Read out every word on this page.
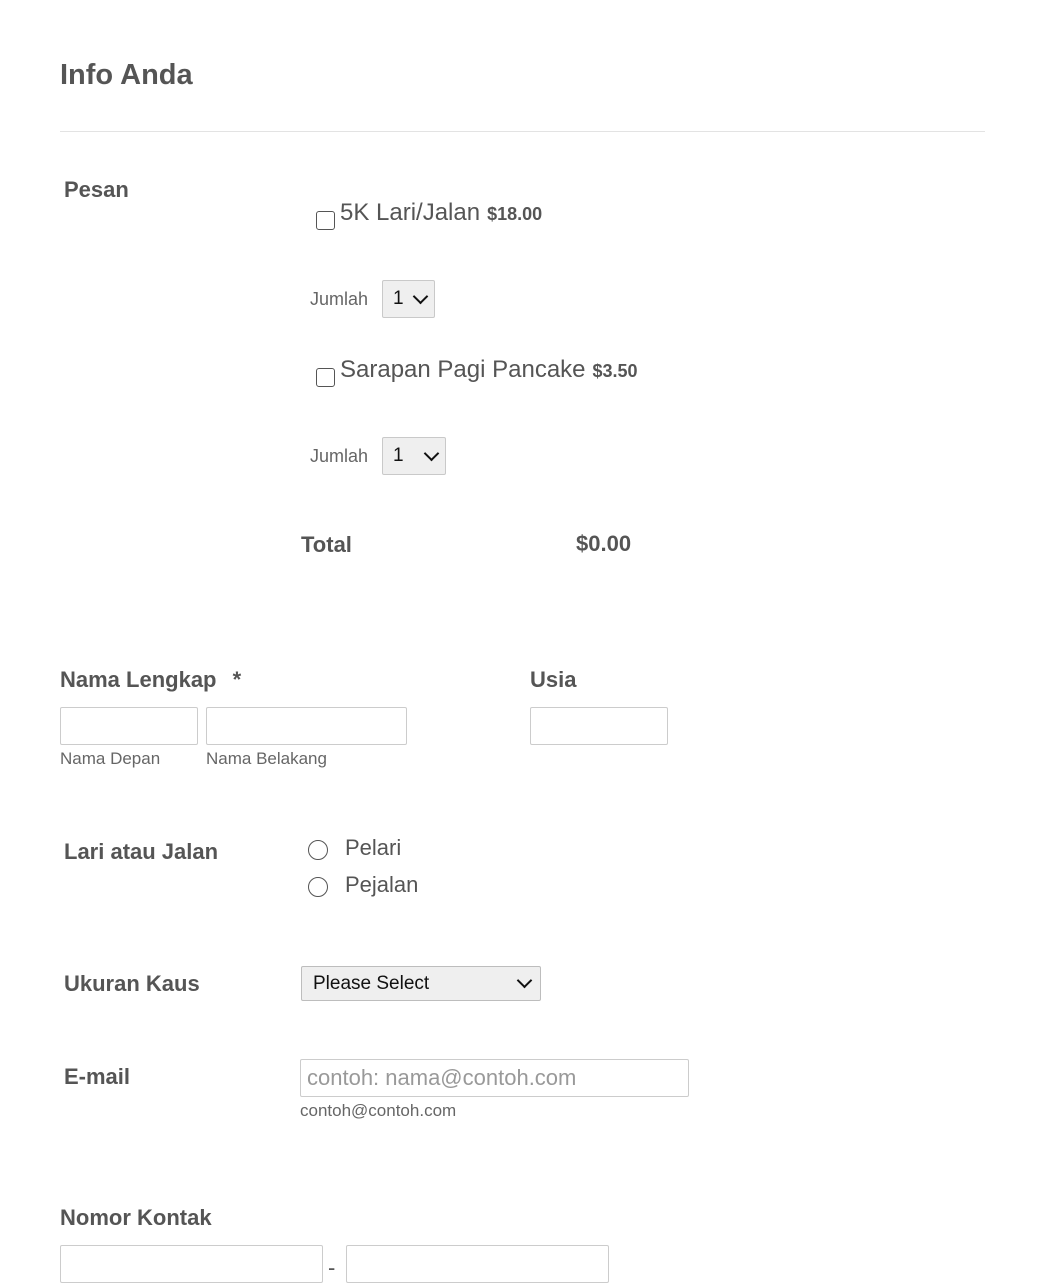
Info Anda
Pesan
5K Lari/Jalan $18.00
Jumlah 1
Sarapan Pagi Pancake $3.50
Jumlah 1
Total	$0.00
Nama Lengkap *
Nama Depan	Nama Belakang
Usia
Lari atau Jalan	Pelari
Pejalan
Ukuran Kaus	Please Select
E-mail	contoh: nama@contoh.com
contoh@contoh.com
Nomor Kontak
-
